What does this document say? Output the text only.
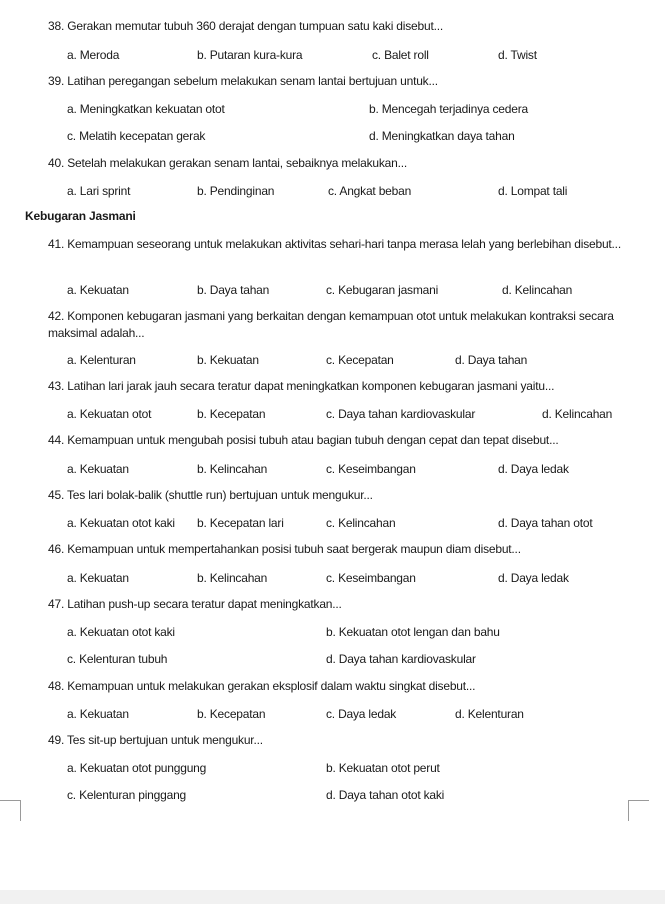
38. Gerakan memutar tubuh 360 derajat dengan tumpuan satu kaki disebut...
a. Meroda	b. Putaran kura-kura	c. Balet roll	d. Twist
39. Latihan peregangan sebelum melakukan senam lantai bertujuan untuk...
a. Meningkatkan kekuatan otot	b. Mencegah terjadinya cedera
c. Melatih kecepatan gerak	d. Meningkatkan daya tahan
40. Setelah melakukan gerakan senam lantai, sebaiknya melakukan...
a. Lari sprint	b. Pendinginan	c. Angkat beban	d. Lompat tali
Kebugaran Jasmani
41. Kemampuan seseorang untuk melakukan aktivitas sehari-hari tanpa merasa lelah yang berlebihan disebut...
a. Kekuatan	b. Daya tahan	c. Kebugaran jasmani	d. Kelincahan
42. Komponen kebugaran jasmani yang berkaitan dengan kemampuan otot untuk melakukan kontraksi secara maksimal adalah...
a. Kelenturan	b. Kekuatan	c. Kecepatan	d. Daya tahan
43. Latihan lari jarak jauh secara teratur dapat meningkatkan komponen kebugaran jasmani yaitu...
a. Kekuatan otot	b. Kecepatan	c. Daya tahan kardiovaskular	d. Kelincahan
44. Kemampuan untuk mengubah posisi tubuh atau bagian tubuh dengan cepat dan tepat disebut...
a. Kekuatan	b. Kelincahan	c. Keseimbangan	d. Daya ledak
45. Tes lari bolak-balik (shuttle run) bertujuan untuk mengukur...
a. Kekuatan otot kaki b. Kecepatan lari	c. Kelincahan	d. Daya tahan otot
46. Kemampuan untuk mempertahankan posisi tubuh saat bergerak maupun diam disebut...
a. Kekuatan	b. Kelincahan	c. Keseimbangan	d. Daya ledak
47. Latihan push-up secara teratur dapat meningkatkan...
a. Kekuatan otot kaki	b. Kekuatan otot lengan dan bahu
c. Kelenturan tubuh	d. Daya tahan kardiovaskular
48. Kemampuan untuk melakukan gerakan eksplosif dalam waktu singkat disebut...
a. Kekuatan	b. Kecepatan	c. Daya ledak	d. Kelenturan
49. Tes sit-up bertujuan untuk mengukur...
a. Kekuatan otot punggung	b. Kekuatan otot perut
c. Kelenturan pinggang	d. Daya tahan otot kaki
